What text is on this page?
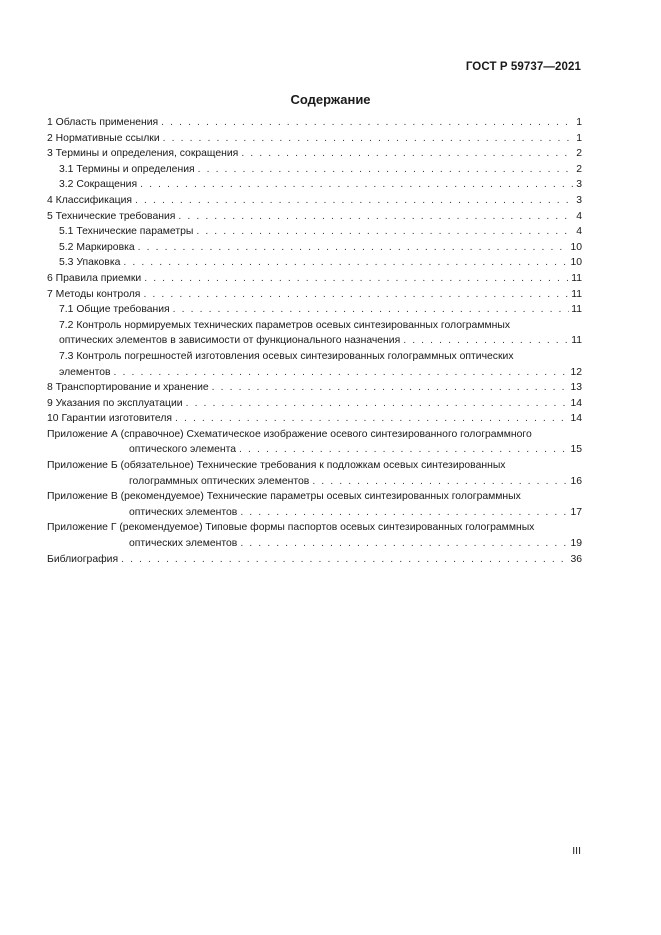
ГОСТ Р 59737—2021
Содержание
1 Область применения . . .	1
2 Нормативные ссылки . . .	1
3 Термины и определения, сокращения . . .	2
3.1 Термины и определения . . .	2
3.2 Сокращения . . .	3
4 Классификация . . .	3
5 Технические требования . . .	4
5.1 Технические параметры . . .	4
5.2 Маркировка . . .	10
5.3 Упаковка . . .	10
6 Правила приемки . . .	11
7 Методы контроля . . .	11
7.1 Общие требования . . .	11
7.2 Контроль нормируемых технических параметров осевых синтезированных голограммных
оптических элементов в зависимости от функционального назначения . . .	11
7.3 Контроль погрешностей изготовления осевых синтезированных голограммных оптических
элементов . . .	12
8 Транспортирование и хранение . . .	13
9 Указания по эксплуатации . . .	14
10 Гарантии изготовителя . . .	14
Приложение А (справочное) Схематическое изображение осевого синтезированного голограммного
оптического элемента . . .	15
Приложение Б (обязательное) Технические требования к подложкам осевых синтезированных
голограммных оптических элементов . . .	16
Приложение В (рекомендуемое) Технические параметры осевых синтезированных голограммных
оптических элементов . . .	17
Приложение Г (рекомендуемое) Типовые формы паспортов осевых синтезированных голограммных
оптических элементов . . .	19
Библиография . . .	36
III
